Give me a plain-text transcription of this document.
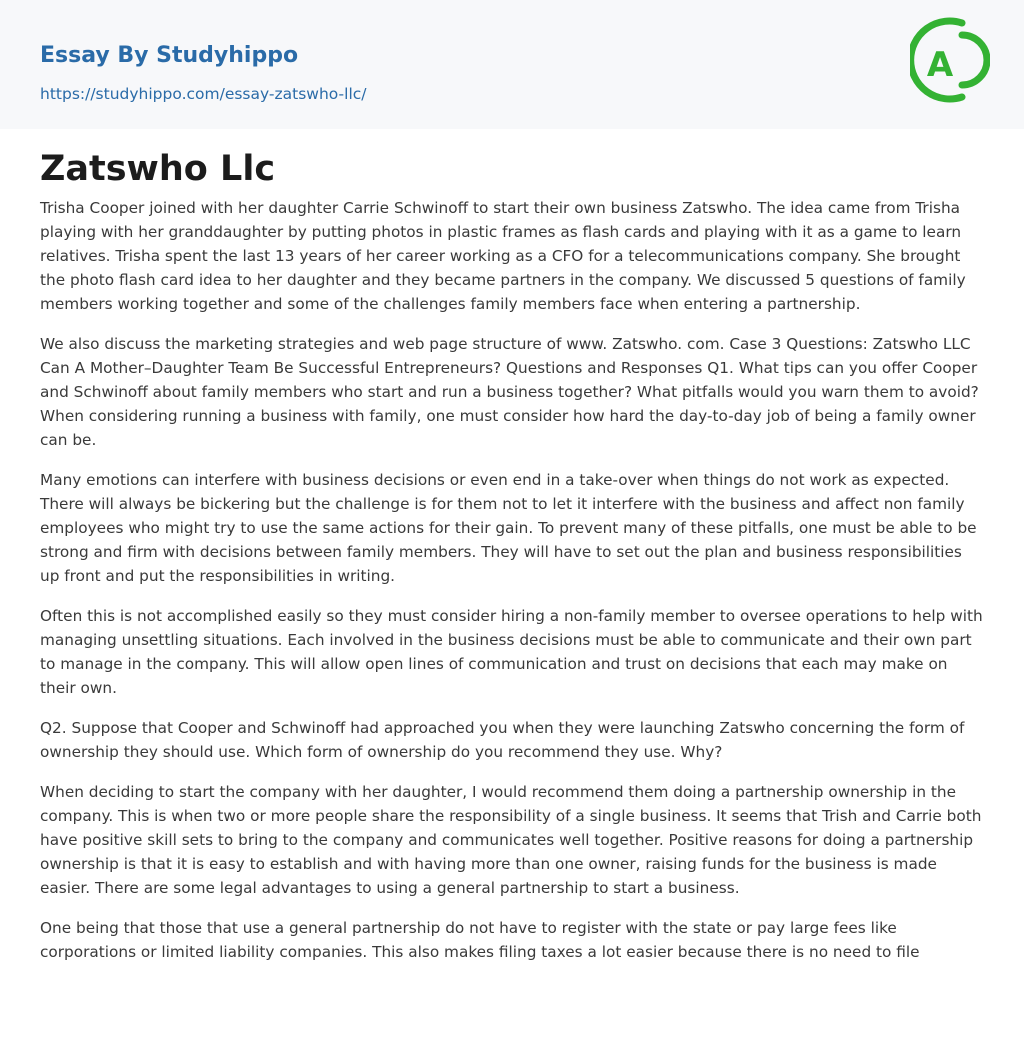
Essay By Studyhippo
https://studyhippo.com/essay-zatswho-llc/
A
Zatswho Llc

Trisha Cooper joined with her daughter Carrie Schwinoff to start their own business Zatswho. The idea came from Trisha playing with her granddaughter by putting photos in plastic frames as flash cards and playing with it as a game to learn relatives. Trisha spent the last 13 years of her career working as a CFO for a telecommunications company. She brought the photo flash card idea to her daughter and they became partners in the company. We discussed 5 questions of family members working together and some of the challenges family members face when entering a partnership.

We also discuss the marketing strategies and web page structure of www. Zatswho. com. Case 3 Questions: Zatswho LLC Can A Mother–Daughter Team Be Successful Entrepreneurs? Questions and Responses Q1. What tips can you offer Cooper and Schwinoff about family members who start and run a business together? What pitfalls would you warn them to avoid? When considering running a business with family, one must consider how hard the day-to-day job of being a family owner can be.

Many emotions can interfere with business decisions or even end in a take-over when things do not work as expected. There will always be bickering but the challenge is for them not to let it interfere with the business and affect non family employees who might try to use the same actions for their gain. To prevent many of these pitfalls, one must be able to be strong and firm with decisions between family members. They will have to set out the plan and business responsibilities up front and put the responsibilities in writing.

Often this is not accomplished easily so they must consider hiring a non-family member to oversee operations to help with managing unsettling situations. Each involved in the business decisions must be able to communicate and their own part to manage in the company. This will allow open lines of communication and trust on decisions that each may make on their own.

Q2. Suppose that Cooper and Schwinoff had approached you when they were launching Zatswho concerning the form of ownership they should use. Which form of ownership do you recommend they use. Why?

When deciding to start the company with her daughter, I would recommend them doing a partnership ownership in the company. This is when two or more people share the responsibility of a single business. It seems that Trish and Carrie both have positive skill sets to bring to the company and communicates well together. Positive reasons for doing a partnership ownership is that it is easy to establish and with having more than one owner, raising funds for the business is made easier. There are some legal advantages to using a general partnership to start a business.

One being that those that use a general partnership do not have to register with the state or pay large fees like corporations or limited liability companies. This also makes filing taxes a lot easier because there is no need to file
